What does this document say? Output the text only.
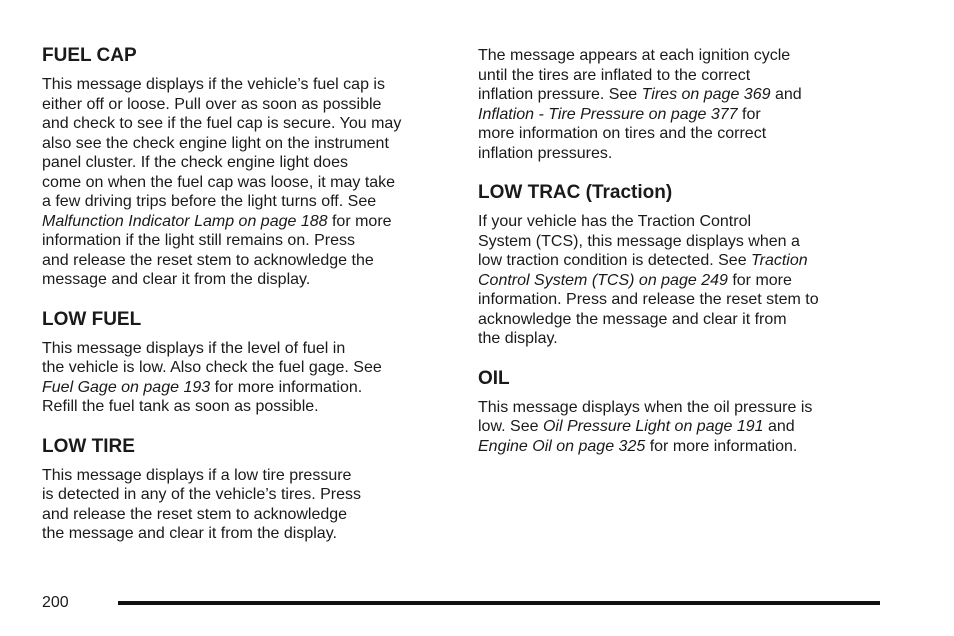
FUEL CAP
This message displays if the vehicle’s fuel cap is
either off or loose. Pull over as soon as possible
and check to see if the fuel cap is secure. You may
also see the check engine light on the instrument
panel cluster. If the check engine light does
come on when the fuel cap was loose, it may take
a few driving trips before the light turns off. See
Malfunction Indicator Lamp on page 188 for more
information if the light still remains on. Press
and release the reset stem to acknowledge the
message and clear it from the display.
LOW FUEL
This message displays if the level of fuel in
the vehicle is low. Also check the fuel gage. See
Fuel Gage on page 193 for more information.
Refill the fuel tank as soon as possible.
LOW TIRE
This message displays if a low tire pressure
is detected in any of the vehicle’s tires. Press
and release the reset stem to acknowledge
the message and clear it from the display.
The message appears at each ignition cycle
until the tires are inflated to the correct
inflation pressure. See Tires on page 369 and
Inflation - Tire Pressure on page 377 for
more information on tires and the correct
inflation pressures.
LOW TRAC (Traction)
If your vehicle has the Traction Control
System (TCS), this message displays when a
low traction condition is detected. See Traction
Control System (TCS) on page 249 for more
information. Press and release the reset stem to
acknowledge the message and clear it from
the display.
OIL
This message displays when the oil pressure is
low. See Oil Pressure Light on page 191 and
Engine Oil on page 325 for more information.
200
